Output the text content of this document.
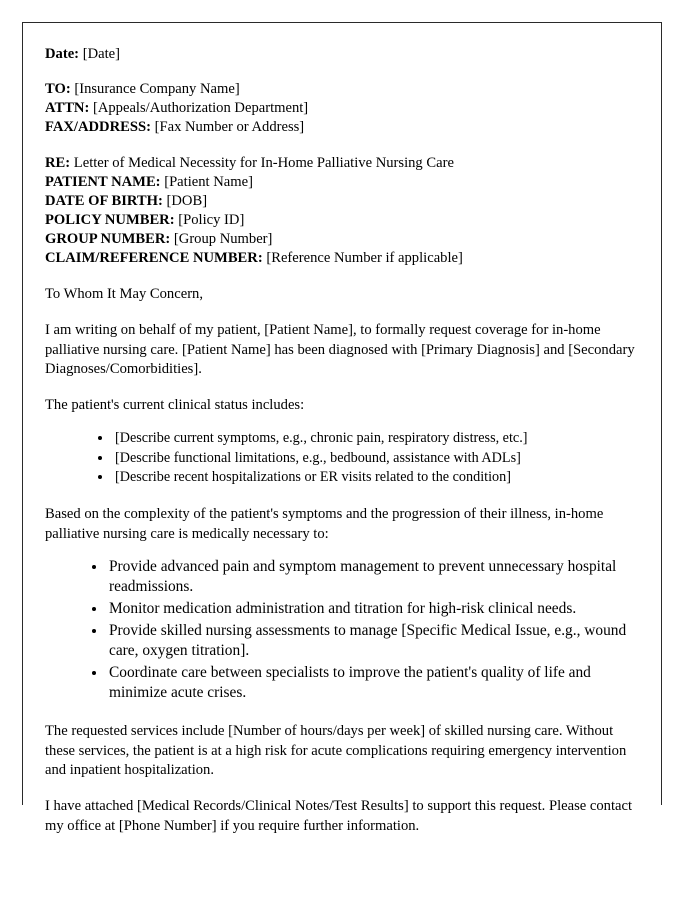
Date: [Date]
TO: [Insurance Company Name]
ATTN: [Appeals/Authorization Department]
FAX/ADDRESS: [Fax Number or Address]
RE: Letter of Medical Necessity for In-Home Palliative Nursing Care
PATIENT NAME: [Patient Name]
DATE OF BIRTH: [DOB]
POLICY NUMBER: [Policy ID]
GROUP NUMBER: [Group Number]
CLAIM/REFERENCE NUMBER: [Reference Number if applicable]

To Whom It May Concern,

I am writing on behalf of my patient, [Patient Name], to formally request coverage for in-home palliative nursing care. [Patient Name] has been diagnosed with [Primary Diagnosis] and [Secondary Diagnoses/Comorbidities].

The patient's current clinical status includes:

• [Describe current symptoms, e.g., chronic pain, respiratory distress, etc.]
• [Describe functional limitations, e.g., bedbound, assistance with ADLs]
• [Describe recent hospitalizations or ER visits related to the condition]

Based on the complexity of the patient's symptoms and the progression of their illness, in-home palliative nursing care is medically necessary to:

• Provide advanced pain and symptom management to prevent unnecessary hospital readmissions.
• Monitor medication administration and titration for high-risk clinical needs.
• Provide skilled nursing assessments to manage [Specific Medical Issue, e.g., wound care, oxygen titration].
• Coordinate care between specialists to improve the patient's quality of life and minimize acute crises.

The requested services include [Number of hours/days per week] of skilled nursing care. Without these services, the patient is at a high risk for acute complications requiring emergency intervention and inpatient hospitalization.

I have attached [Medical Records/Clinical Notes/Test Results] to support this request. Please contact my office at [Phone Number] if you require further information.
